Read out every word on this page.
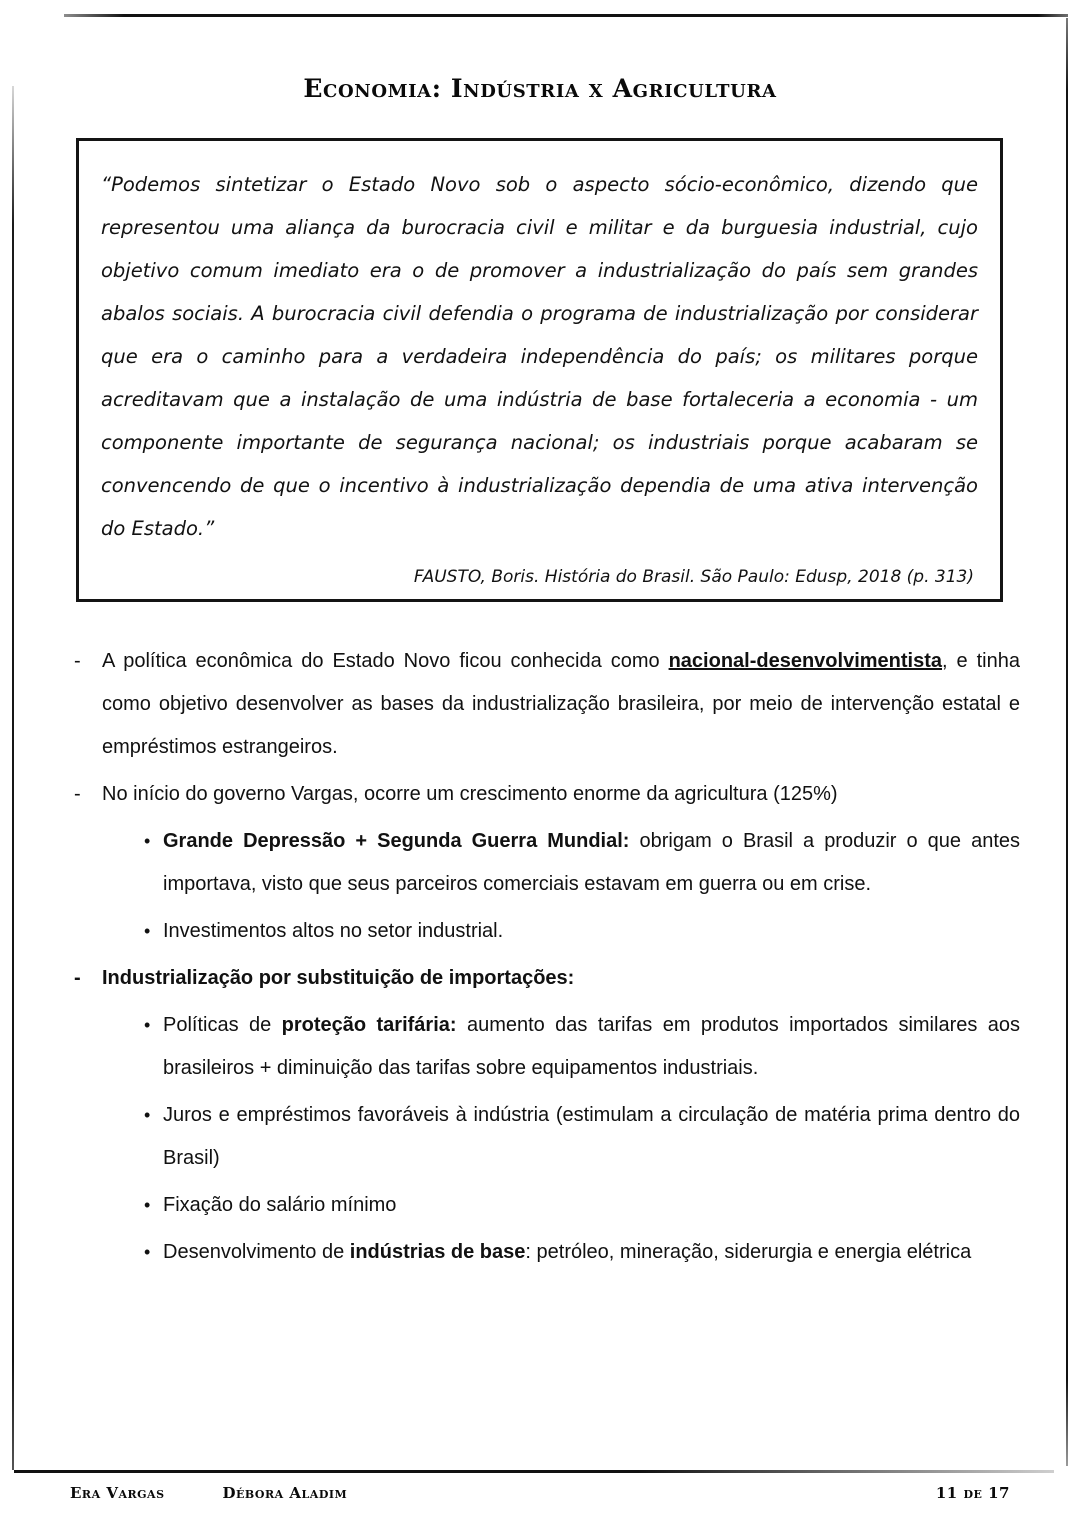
Economia: Indústria x Agricultura

“Podemos sintetizar o Estado Novo sob o aspecto sócio-econômico, dizendo que representou uma aliança da burocracia civil e militar e da burguesia industrial, cujo objetivo comum imediato era o de promover a industrialização do país sem grandes abalos sociais. A burocracia civil defendia o programa de industrialização por considerar que era o caminho para a verdadeira independência do país; os militares porque acreditavam que a instalação de uma indústria de base fortaleceria a economia - um componente importante de segurança nacional; os industriais porque acabaram se convencendo de que o incentivo à industrialização dependia de uma ativa intervenção do Estado.”

FAUSTO, Boris. História do Brasil. São Paulo: Edusp, 2018 (p. 313)

- A política econômica do Estado Novo ficou conhecida como nacional-desenvolvimentista, e tinha como objetivo desenvolver as bases da industrialização brasileira, por meio de intervenção estatal e empréstimos estrangeiros.

- No início do governo Vargas, ocorre um crescimento enorme da agricultura (125%)

• Grande Depressão + Segunda Guerra Mundial: obrigam o Brasil a produzir o que antes importava, visto que seus parceiros comerciais estavam em guerra ou em crise.

• Investimentos altos no setor industrial.

- Industrialização por substituição de importações:

• Políticas de proteção tarifária: aumento das tarifas em produtos importados similares aos brasileiros + diminuição das tarifas sobre equipamentos industriais.

• Juros e empréstimos favoráveis à indústria (estimulam a circulação de matéria prima dentro do Brasil)

• Fixação do salário mínimo

• Desenvolvimento de indústrias de base: petróleo, mineração, siderurgia e energia elétrica

Era Vargas	Débora Aladim	11 de 17
